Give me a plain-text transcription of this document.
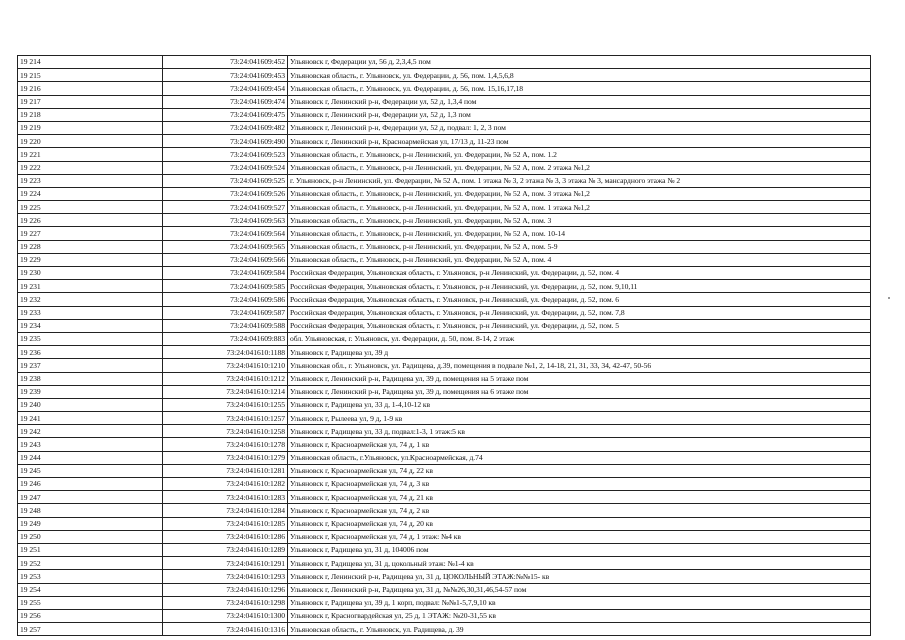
19 214	73:24:041609:452	Ульяновск г, Федерации ул, 56 д, 2,3,4,5 пом
19 215	73:24:041609:453	Ульяновская область, г. Ульяновск, ул. Федерации, д. 56, пом. 1,4,5,6,8
19 216	73:24:041609:454	Ульяновская область, г. Ульяновск, ул. Федерации, д. 56, пом. 15,16,17,18
19 217	73:24:041609:474	Ульяновск г, Ленинский р-н, Федерации ул, 52 д, 1,3,4 пом
19 218	73:24:041609:475	Ульяновск г, Ленинский р-н, Федерации ул, 52 д, 1,3 пом
19 219	73:24:041609:482	Ульяновск г, Ленинский р-н, Федерации ул, 52 д, подвал: 1, 2, 3 пом
19 220	73:24:041609:490	Ульяновск г, Ленинский р-н, Красноармейская ул, 17/13 д, 11-23 пом
19 221	73:24:041609:523	Ульяновская область, г. Ульяновск, р-н Ленинский, ул. Федерации, № 52 А, пом. 1.2
19 222	73:24:041609:524	Ульяновская область, г. Ульяновск, р-н Ленинский, ул. Федерации, № 52 А, пом. 2 этажа №1,2
19 223	73:24:041609:525	г. Ульяновск, р-н Ленинский, ул. Федерации, № 52 А, пом. 1 этажа № 3, 2 этажа № 3, 3 этажа № 3, мансардного этажа № 2
19 224	73:24:041609:526	Ульяновская область, г. Ульяновск, р-н Ленинский, ул. Федерации, № 52 А, пом. 3 этажа №1,2
19 225	73:24:041609:527	Ульяновская область, г. Ульяновск, р-н Ленинский, ул. Федерации, № 52 А, пом. 1 этажа №1,2
19 226	73:24:041609:563	Ульяновская область, г. Ульяновск, р-н Ленинский, ул. Федерации, № 52 А, пом. 3
19 227	73:24:041609:564	Ульяновская область, г. Ульяновск, р-н Ленинский, ул. Федерации, № 52 А, пом. 10-14
19 228	73:24:041609:565	Ульяновская область, г. Ульяновск, р-н Ленинский, ул. Федерации, № 52 А, пом. 5-9
19 229	73:24:041609:566	Ульяновская область, г. Ульяновск, р-н Ленинский, ул. Федерации, № 52 А, пом. 4
19 230	73:24:041609:584	Российская Федерация, Ульяновская область, г. Ульяновск, р-н Ленинский, ул. Федерации, д. 52, пом. 4
19 231	73:24:041609:585	Российская Федерация, Ульяновская область, г. Ульяновск, р-н Ленинский, ул. Федерации, д. 52, пом. 9,10,11
19 232	73:24:041609:586	Российская Федерация, Ульяновская область, г. Ульяновск, р-н Ленинский, ул. Федерации, д. 52, пом. 6
19 233	73:24:041609:587	Российская Федерация, Ульяновская область, г. Ульяновск, р-н Ленинский, ул. Федерации, д. 52, пом. 7,8
19 234	73:24:041609:588	Российская Федерация, Ульяновская область, г. Ульяновск, р-н Ленинский, ул. Федерации, д. 52, пом. 5
19 235	73:24:041609:883	обл. Ульяновская, г. Ульяновск, ул. Федерации, д. 50, пом. 8-14, 2 этаж
19 236	73:24:041610:1188	Ульяновск г, Радищева ул, 39 д
19 237	73:24:041610:1210	Ульяновская обл., г. Ульяновск, ул. Радищева, д.39, помещения в подвале №1, 2, 14-18, 21, 31, 33, 34, 42-47, 50-56
19 238	73:24:041610:1212	Ульяновск г, Ленинский р-н, Радищева ул, 39 д, помещения на 5 этаже пом
19 239	73:24:041610:1214	Ульяновск г, Ленинский р-н, Радищева ул, 39 д, помещения на 6 этаже пом
19 240	73:24:041610:1255	Ульяновск г, Радищева ул, 33 д, 1-4,10-12 кв
19 241	73:24:041610:1257	Ульяновск г, Рылеева ул, 9 д, 1-9 кв
19 242	73:24:041610:1258	Ульяновск г, Радищева ул, 33 д, подвал:1-3, 1 этаж:5 кв
19 243	73:24:041610:1278	Ульяновск г, Красноармейская ул, 74 д, 1 кв
19 244	73:24:041610:1279	Ульяновская область, г.Ульяновск, ул.Красноармейская, д.74
19 245	73:24:041610:1281	Ульяновск г, Красноармейская ул, 74 д, 22 кв
19 246	73:24:041610:1282	Ульяновск г, Красноармейская ул, 74 д, 3 кв
19 247	73:24:041610:1283	Ульяновск г, Красноармейская ул, 74 д, 21 кв
19 248	73:24:041610:1284	Ульяновск г, Красноармейская ул, 74 д, 2 кв
19 249	73:24:041610:1285	Ульяновск г, Красноармейская ул, 74 д, 20 кв
19 250	73:24:041610:1286	Ульяновск г, Красноармейская ул, 74 д, 1 этаж: №4 кв
19 251	73:24:041610:1289	Ульяновск г, Радищева ул, 31 д, 104006 пом
19 252	73:24:041610:1291	Ульяновск г, Радищева ул, 31 д, цокольный этаж: №1-4 кв
19 253	73:24:041610:1293	Ульяновск г, Ленинский р-н, Радищева ул, 31 д, ЦОКОЛЬНЫЙ ЭТАЖ:№№15- кв
19 254	73:24:041610:1296	Ульяновск г, Ленинский р-н, Радищева ул, 31 д, №№26,30,31,46,54-57 пом
19 255	73:24:041610:1298	Ульяновск г, Радищева ул, 39 д, 1 корп, подвал: №№1-5,7,9,10 кв
19 256	73:24:041610:1300	Ульяновск г, Красногвардейская ул, 25 д, 1 ЭТАЖ: №20-31,55 кв
19 257	73:24:041610:1316	Ульяновская область, г. Ульяновск, ул. Радищева, д. 39
